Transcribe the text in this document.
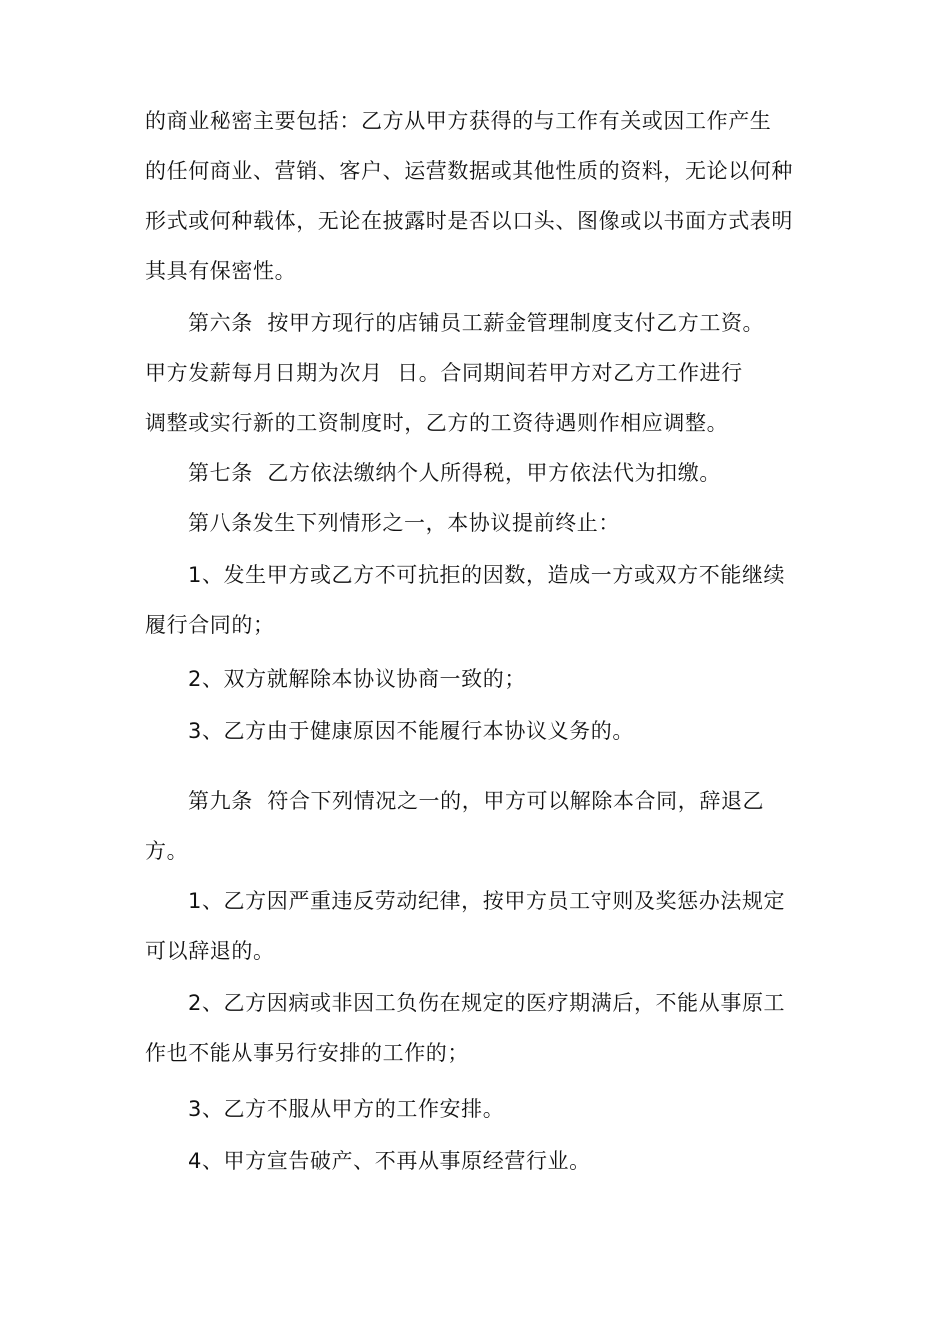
的商业秘密主要包括：乙方从甲方获得的与工作有关或因工作产生
的任何商业、营销、客户、运营数据或其他性质的资料，无论以何种
形式或何种载体，无论在披露时是否以口头、图像或以书面方式表明
其具有保密性。
第六条  按甲方现行的店铺员工薪金管理制度支付乙方工资。
甲方发薪每月日期为次月  日。合同期间若甲方对乙方工作进行
调整或实行新的工资制度时，乙方的工资待遇则作相应调整。
第七条  乙方依法缴纳个人所得税，甲方依法代为扣缴。
第八条发生下列情形之一，本协议提前终止：
1、发生甲方或乙方不可抗拒的因数，造成一方或双方不能继续
履行合同的；
2、双方就解除本协议协商一致的；
3、乙方由于健康原因不能履行本协议义务的。
第九条  符合下列情况之一的，甲方可以解除本合同，辞退乙
方。
1、乙方因严重违反劳动纪律，按甲方员工守则及奖惩办法规定
可以辞退的。
2、乙方因病或非因工负伤在规定的医疗期满后，不能从事原工
作也不能从事另行安排的工作的；
3、乙方不服从甲方的工作安排。
4、甲方宣告破产、不再从事原经营行业。
